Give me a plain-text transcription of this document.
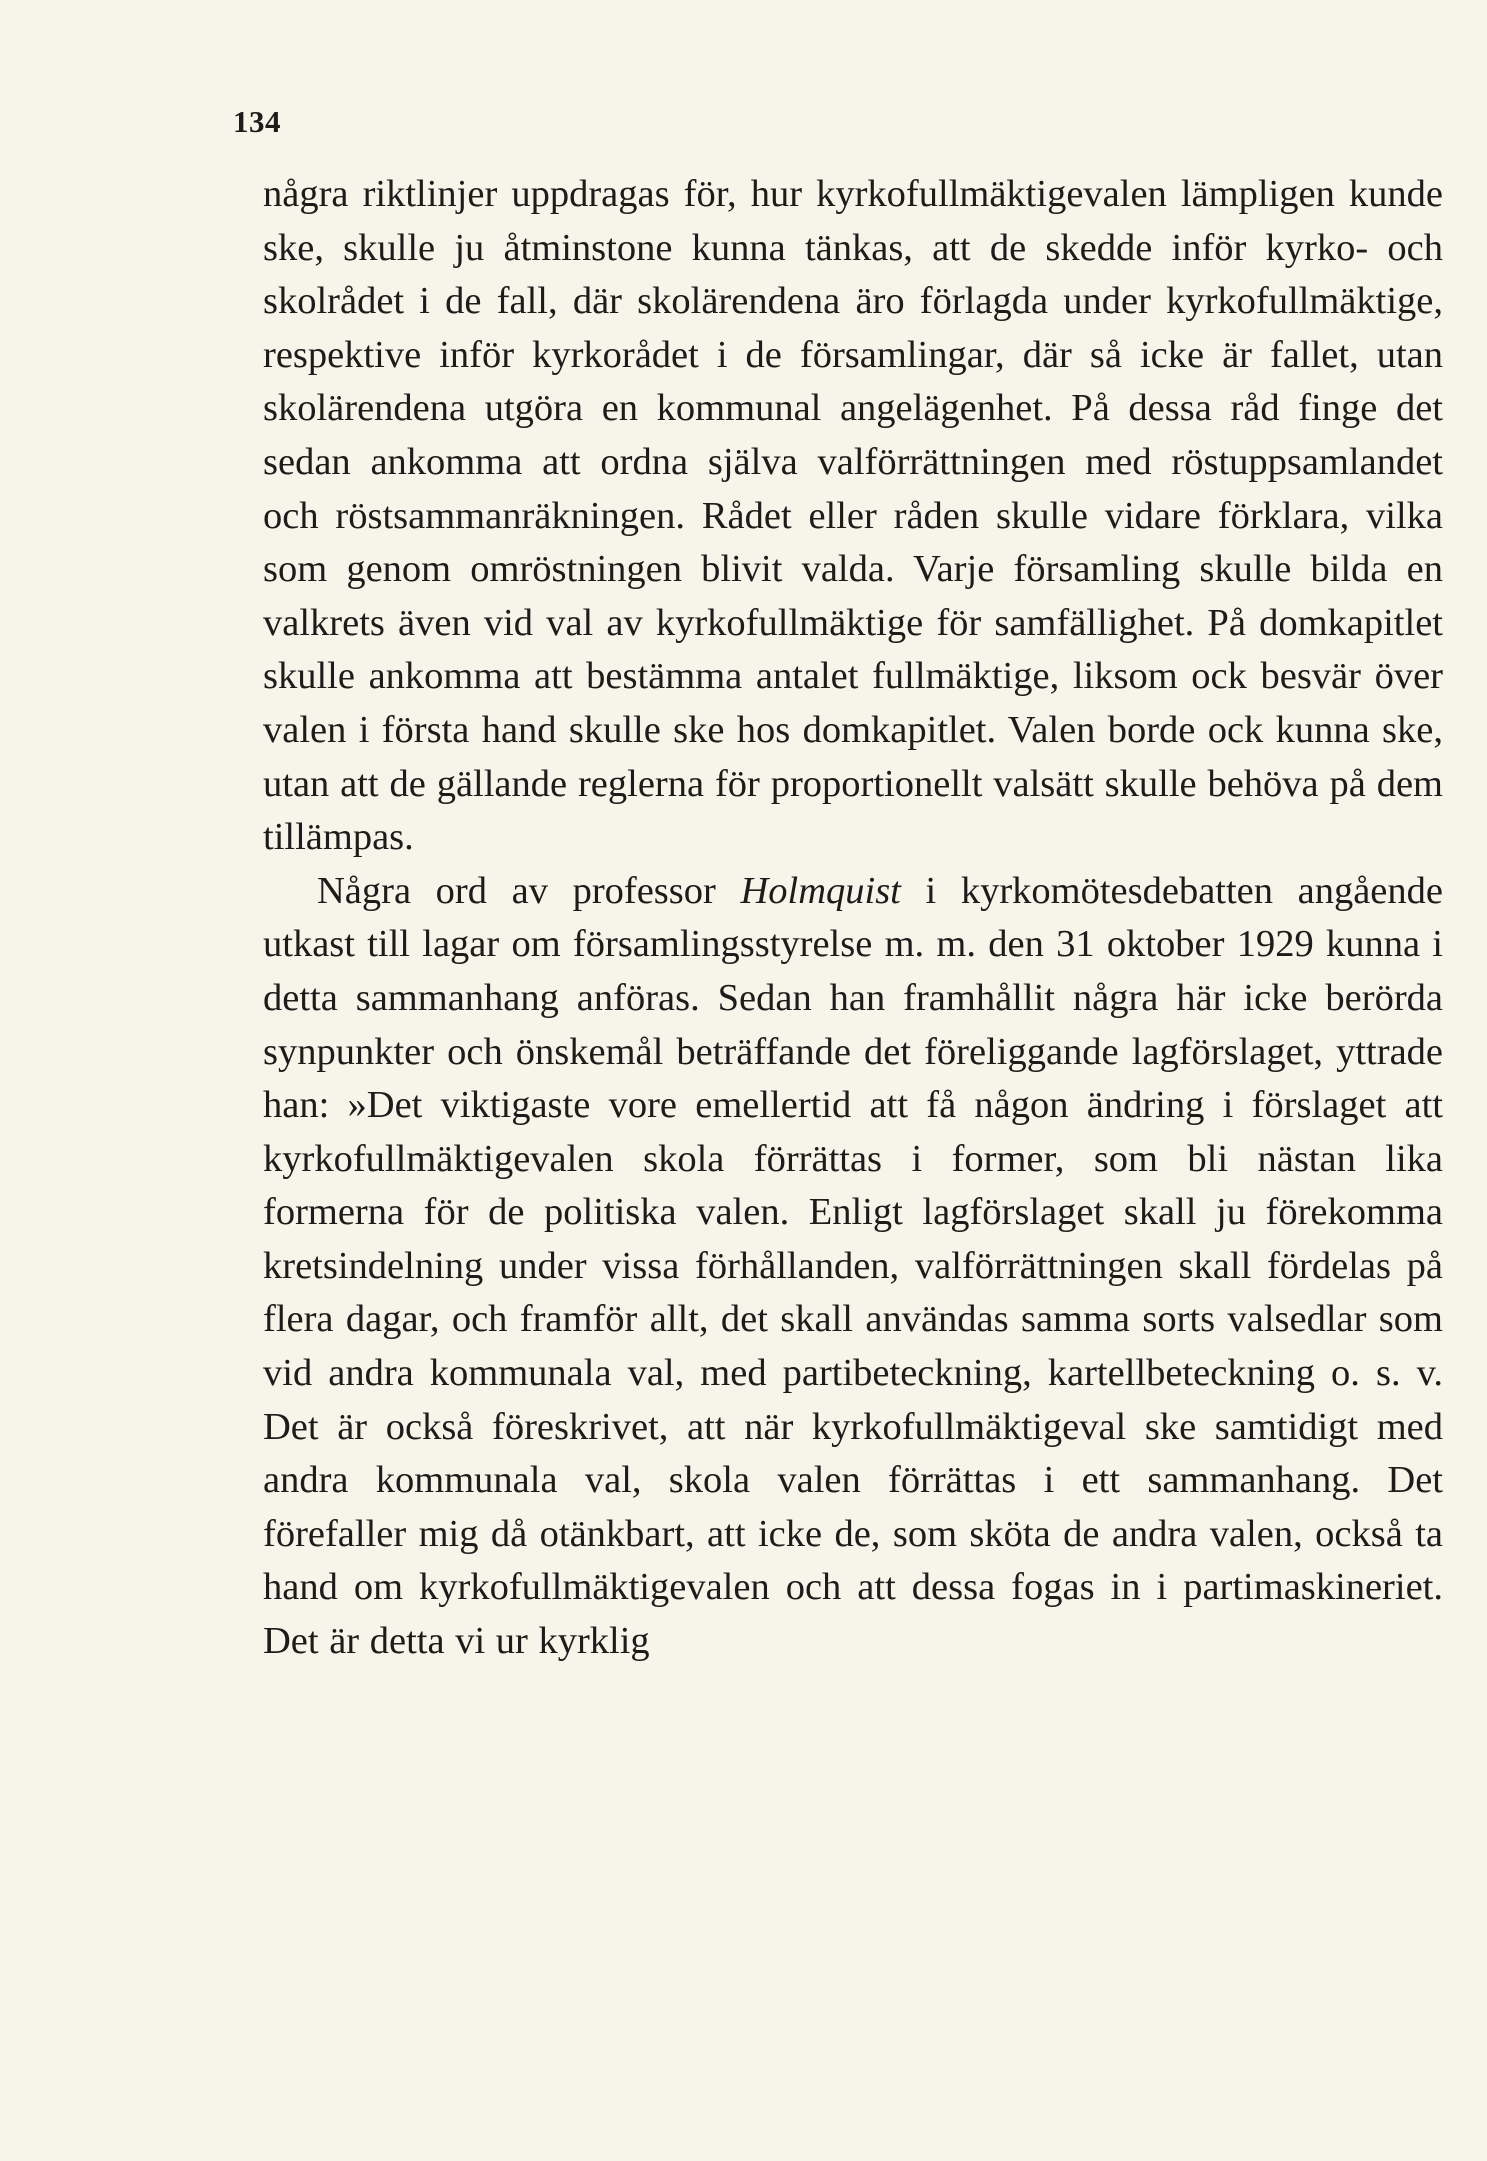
134

några riktlinjer uppdragas för, hur kyrkofullmäktigevalen lämpligen kunde ske, skulle ju åtminstone kunna tänkas, att de skedde inför kyrko- och skolrådet i de fall, där skolärendena äro förlagda under kyrkofullmäktige, respektive inför kyrkorådet i de församlingar, där så icke är fallet, utan skolärendena utgöra en kommunal angelägenhet. På dessa råd finge det sedan ankomma att ordna själva valförrättningen med röstuppsamlandet och röstsammanräkningen. Rådet eller råden skulle vidare förklara, vilka som genom omröstningen blivit valda. Varje församling skulle bilda en valkrets även vid val av kyrkofullmäktige för samfällighet. På domkapitlet skulle ankomma att bestämma antalet fullmäktige, liksom ock besvär över valen i första hand skulle ske hos domkapitlet. Valen borde ock kunna ske, utan att de gällande reglerna för proportionellt valsätt skulle behöva på dem tillämpas.

Några ord av professor Holmquist i kyrkomötesdebatten angående utkast till lagar om församlingsstyrelse m. m. den 31 oktober 1929 kunna i detta sammanhang anföras. Sedan han framhållit några här icke berörda synpunkter och önskemål beträffande det föreliggande lagförslaget, yttrade han: »Det viktigaste vore emellertid att få någon ändring i förslaget att kyrkofullmäktigevalen skola förrättas i former, som bli nästan lika formerna för de politiska valen. Enligt lagförslaget skall ju förekomma kretsindelning under vissa förhållanden, valförrättningen skall fördelas på flera dagar, och framför allt, det skall användas samma sorts valsedlar som vid andra kommunala val, med partibeteckning, kartellbeteckning o. s. v. Det är också föreskrivet, att när kyrkofullmäktigeval ske samtidigt med andra kommunala val, skola valen förrättas i ett sammanhang. Det förefaller mig då otänkbart, att icke de, som sköta de andra valen, också ta hand om kyrkofullmäktigevalen och att dessa fogas in i partimaskineriet. Det är detta vi ur kyrklig
